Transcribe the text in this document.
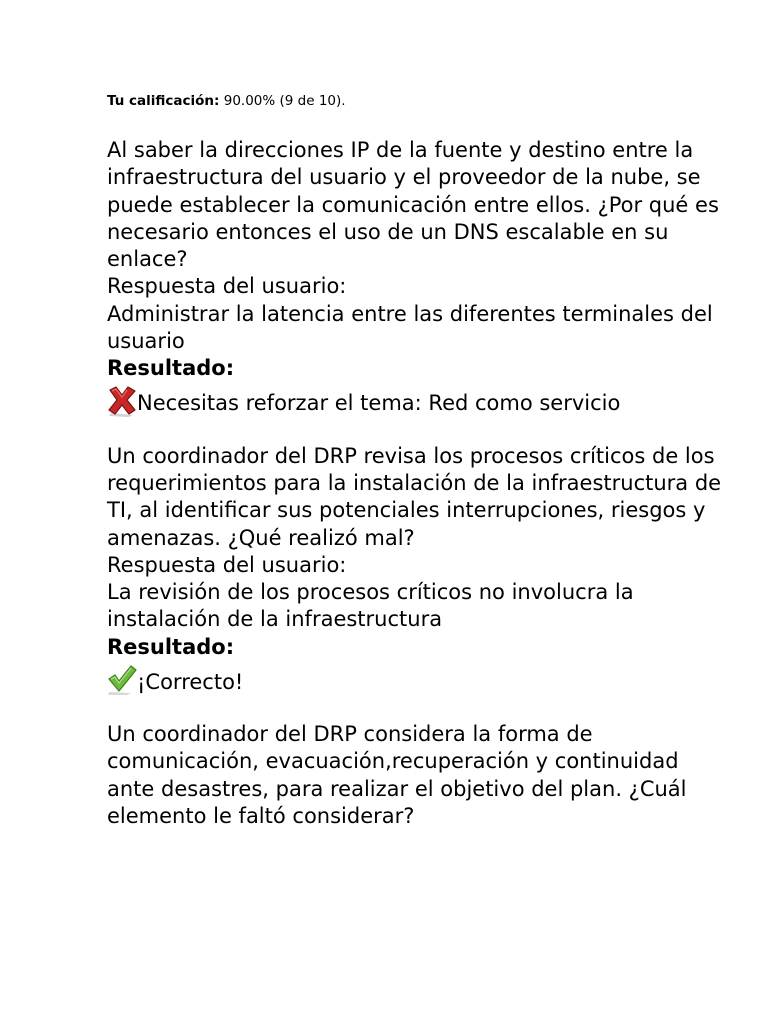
Tu calificación: 90.00% (9 de 10).
Al saber la direcciones IP de la fuente y destino entre la infraestructura del usuario y el proveedor de la nube, se puede establecer la comunicación entre ellos. ¿Por qué es necesario entonces el uso de un DNS escalable en su enlace?
Respuesta del usuario:
Administrar la latencia entre las diferentes terminales del usuario
Resultado:
Necesitas reforzar el tema: Red como servicio
Un coordinador del DRP revisa los procesos críticos de los requerimientos para la instalación de la infraestructura de TI, al identificar sus potenciales interrupciones, riesgos y amenazas. ¿Qué realizó mal?
Respuesta del usuario:
La revisión de los procesos críticos no involucra la instalación de la infraestructura
Resultado:
¡Correcto!
Un coordinador del DRP considera la forma de comunicación, evacuación,recuperación y continuidad ante desastres, para realizar el objetivo del plan. ¿Cuál elemento le faltó considerar?
